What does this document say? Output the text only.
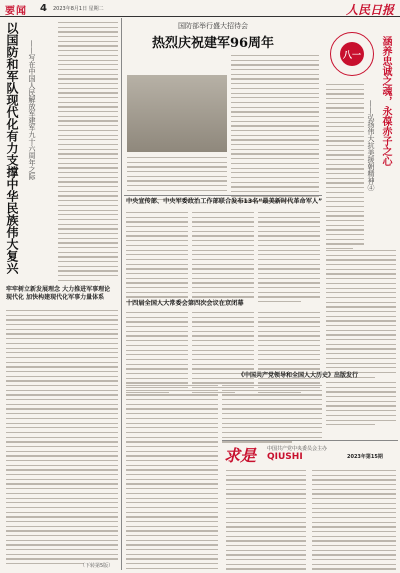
要闻 4 2023年8月1日 星期二	人民日报
以国防和军队现代化有力支撑中华民族伟大复兴 ——写在中国人民解放军建军九十六周年之际
牢牢树立新发展理念 大力推进军事理论现代化 加快构建现代化军事力量体系
（下转第5版）
国防部举行盛大招待会
热烈庆祝建军96周年
中央宣传部、中央军委政治工作部联合发布13名“最美新时代革命军人”
十四届全国人大常委会第四次会议在京闭幕
八一	涵养忠诚之魂，永葆赤子之心
——弘扬伟大抗美援朝精神④
《中国共产党领导和全国人大历史》出版发行
求是 中国共产党中央委员会主办
QIUSHI	2023年第15期
